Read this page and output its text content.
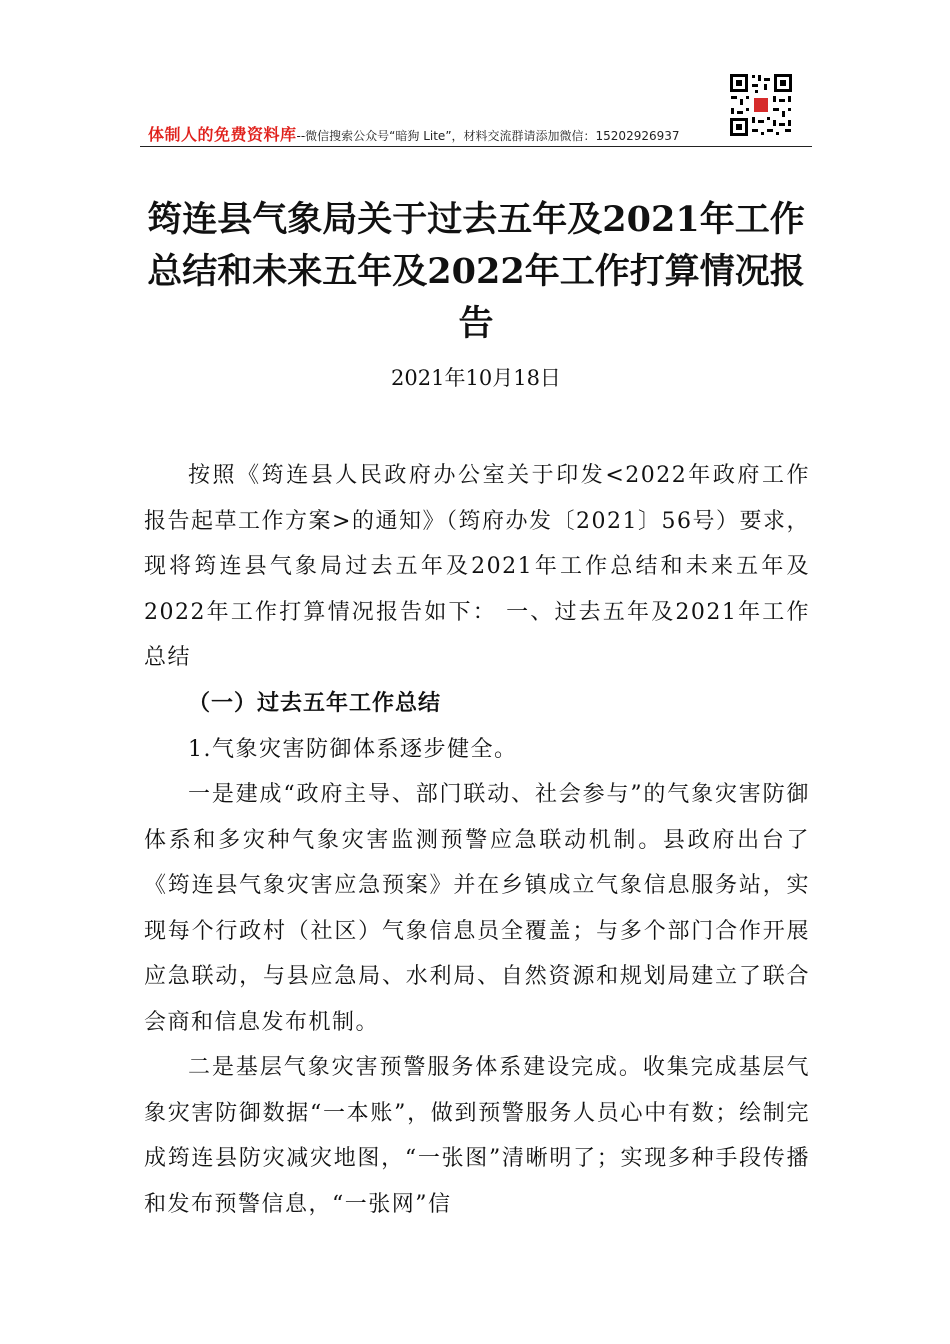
体制人的免费资料库--微信搜索公众号“暗狗 Lite”，材料交流群请添加微信：15202926937
筠连县气象局关于过去五年及2021年工作总结和未来五年及2022年工作打算情况报告
2021年10月18日

按照《筠连县人民政府办公室关于印发<2022年政府工作报告起草工作方案>的通知》（筠府办发〔2021〕56号）要求，现将筠连县气象局过去五年及2021年工作总结和未来五年及2022年工作打算情况报告如下： 一、过去五年及2021年工作总结

（一）过去五年工作总结

1.气象灾害防御体系逐步健全。

一是建成“政府主导、部门联动、社会参与”的气象灾害防御体系和多灾种气象灾害监测预警应急联动机制。县政府出台了《筠连县气象灾害应急预案》并在乡镇成立气象信息服务站，实现每个行政村（社区）气象信息员全覆盖；与多个部门合作开展应急联动，与县应急局、水利局、自然资源和规划局建立了联合会商和信息发布机制。

二是基层气象灾害预警服务体系建设完成。收集完成基层气象灾害防御数据“一本账”，做到预警服务人员心中有数；绘制完成筠连县防灾减灾地图，“一张图”清晰明了；实现多种手段传播和发布预警信息，“一张网”信
